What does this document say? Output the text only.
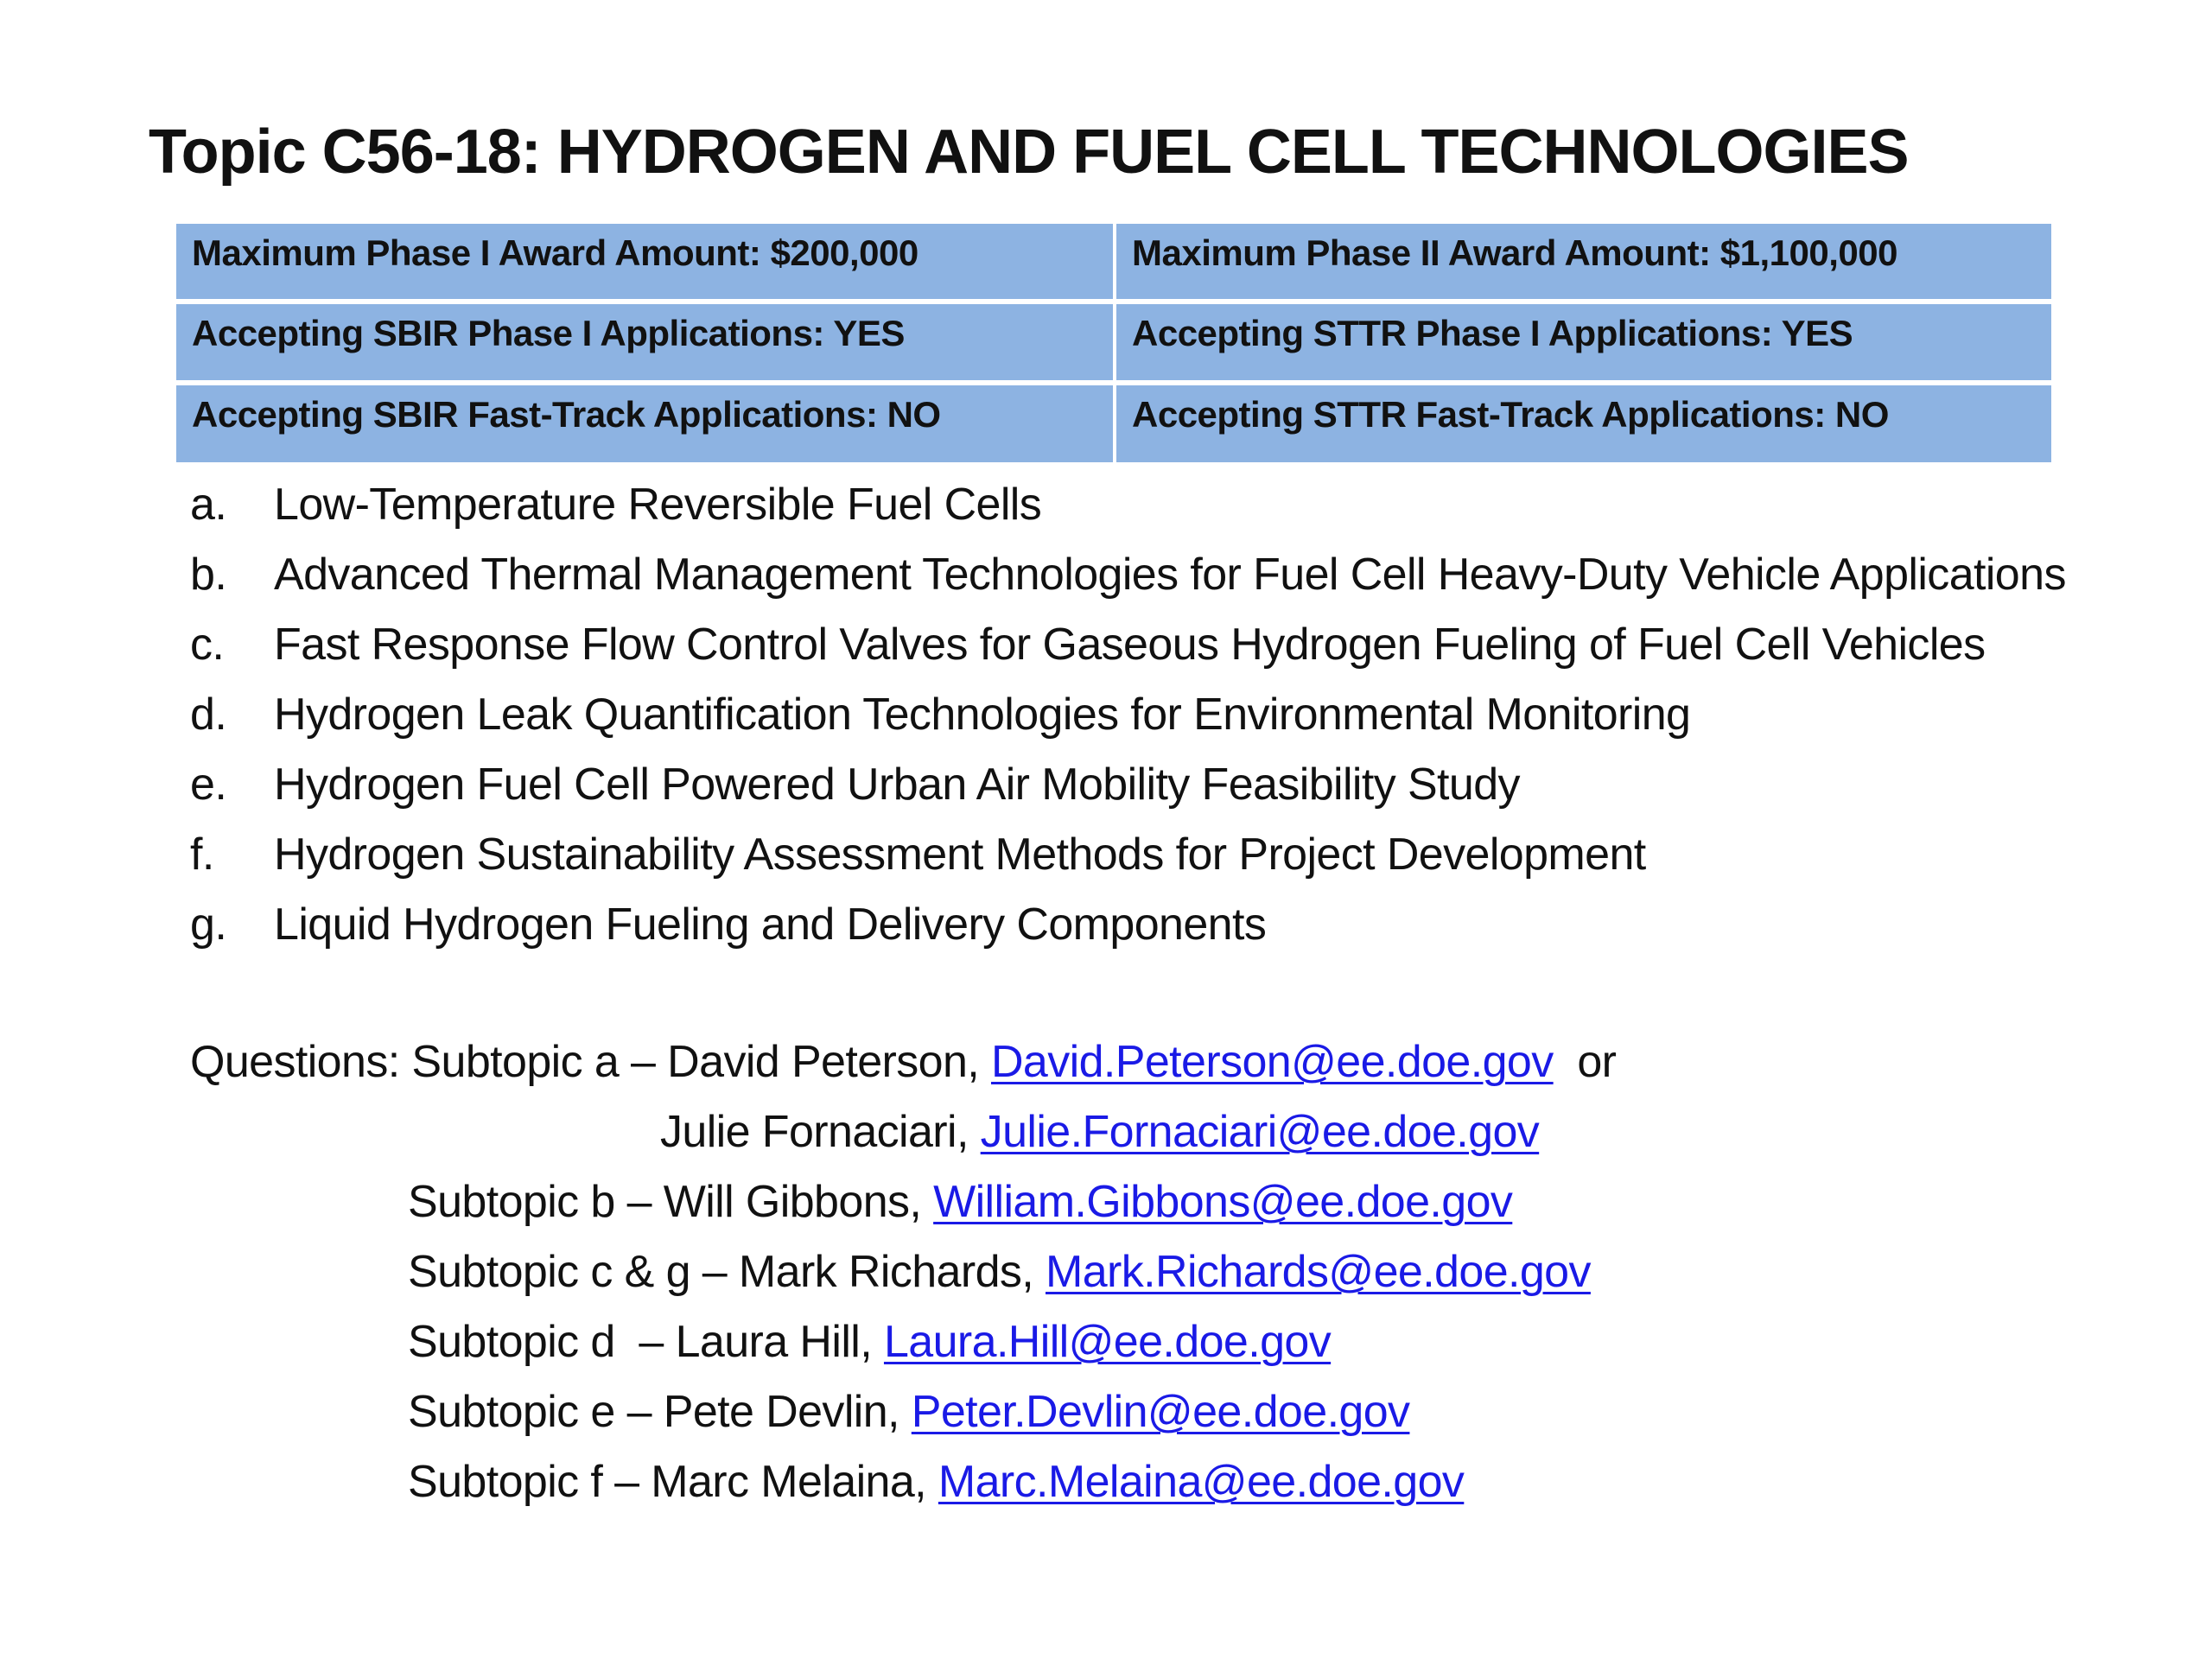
Topic C56-18: HYDROGEN AND FUEL CELL TECHNOLOGIES
Maximum Phase I Award Amount: $200,000	Maximum Phase II Award Amount: $1,100,000
Accepting SBIR Phase I Applications: YES	Accepting STTR Phase I Applications: YES
Accepting SBIR Fast-Track Applications: NO	Accepting STTR Fast-Track Applications: NO
a. Low-Temperature Reversible Fuel Cells
b. Advanced Thermal Management Technologies for Fuel Cell Heavy-Duty Vehicle Applications
c. Fast Response Flow Control Valves for Gaseous Hydrogen Fueling of Fuel Cell Vehicles
d. Hydrogen Leak Quantification Technologies for Environmental Monitoring
e. Hydrogen Fuel Cell Powered Urban Air Mobility Feasibility Study
f. Hydrogen Sustainability Assessment Methods for Project Development
g. Liquid Hydrogen Fueling and Delivery Components
Questions: Subtopic a – David Peterson, David.Peterson@ee.doe.gov  or
Julie Fornaciari, Julie.Fornaciari@ee.doe.gov
Subtopic b – Will Gibbons, William.Gibbons@ee.doe.gov
Subtopic c & g – Mark Richards, Mark.Richards@ee.doe.gov
Subtopic d  – Laura Hill, Laura.Hill@ee.doe.gov
Subtopic e – Pete Devlin, Peter.Devlin@ee.doe.gov
Subtopic f – Marc Melaina, Marc.Melaina@ee.doe.gov
